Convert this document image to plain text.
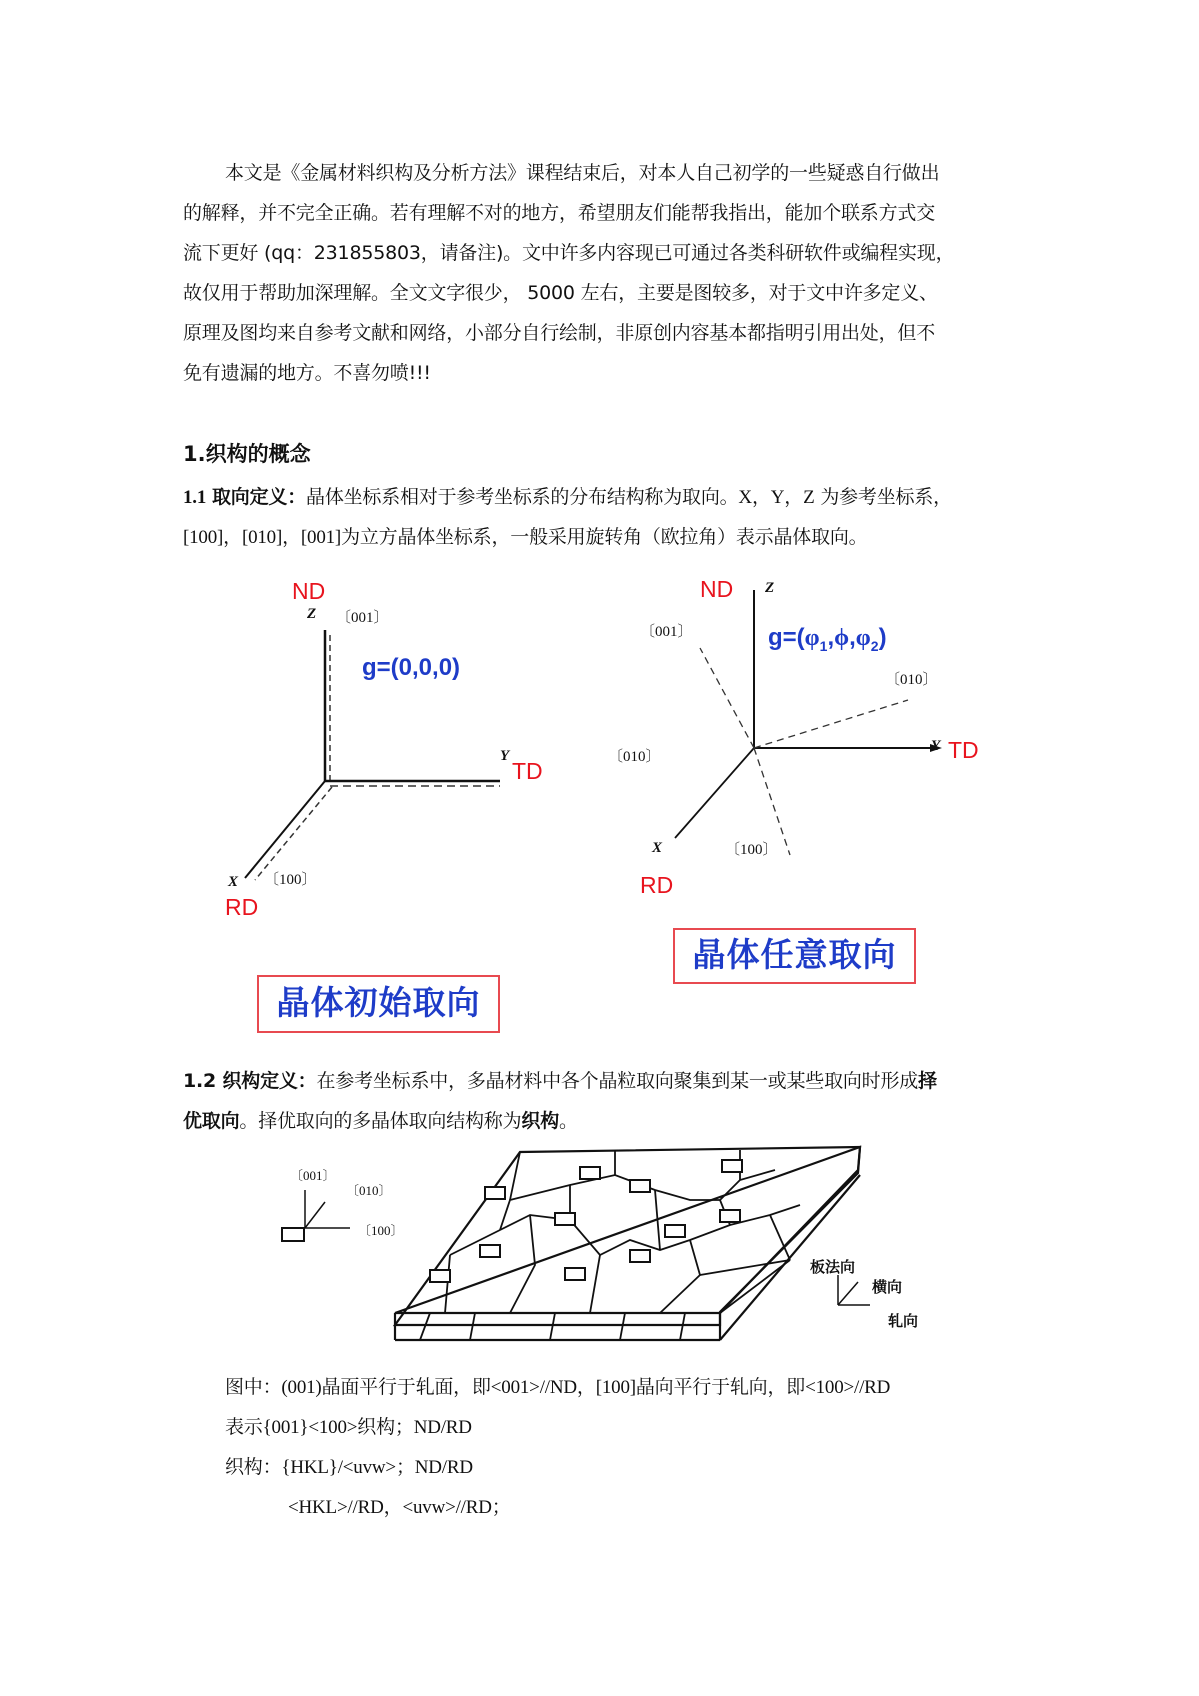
本文是《金属材料织构及分析方法》课程结束后，对本人自己初学的一些疑惑自行做出
的解释，并不完全正确。若有理解不对的地方，希望朋友们能帮我指出，能加个联系方式交
流下更好 (qq：231855803，请备注)。文中许多内容现已可通过各类科研软件或编程实现，
故仅用于帮助加深理解。全文文字很少， 5000 左右，主要是图较多，对于文中许多定义、
原理及图均来自参考文献和网络，小部分自行绘制，非原创内容基本都指明引用出处，但不
免有遗漏的地方。不喜勿喷!!!
1.织构的概念
1.1 取向定义：晶体坐标系相对于参考坐标系的分布结构称为取向。X，Y，Z 为参考坐标系，
[100]，[010]，[001]为立方晶体坐标系，一般采用旋转角（欧拉角）表示晶体取向。
ND
Z 〔001〕
g=(0,0,0)
Y
TD
X 〔100〕
RD
晶体初始取向
ND Z
〔001〕	$g=(\varphi_1,\phi,\varphi_2)$
〔010〕
〔010〕
Y TD
X	〔100〕
RD
晶体任意取向
1.2 织构定义：在参考坐标系中，多晶材料中各个晶粒取向聚集到某一或某些取向时形成择
优取向。择优取向的多晶体取向结构称为织构。
〔001〕
〔010〕
〔100〕
板法向
横向
轧向
图中：(001)晶面平行于轧面，即<001>//ND，[100]晶向平行于轧向，即<100>//RD
表示{001}<100>织构；ND/RD
织构：{HKL}/<uvw>；ND/RD
<HKL>//RD，<uvw>//RD；
